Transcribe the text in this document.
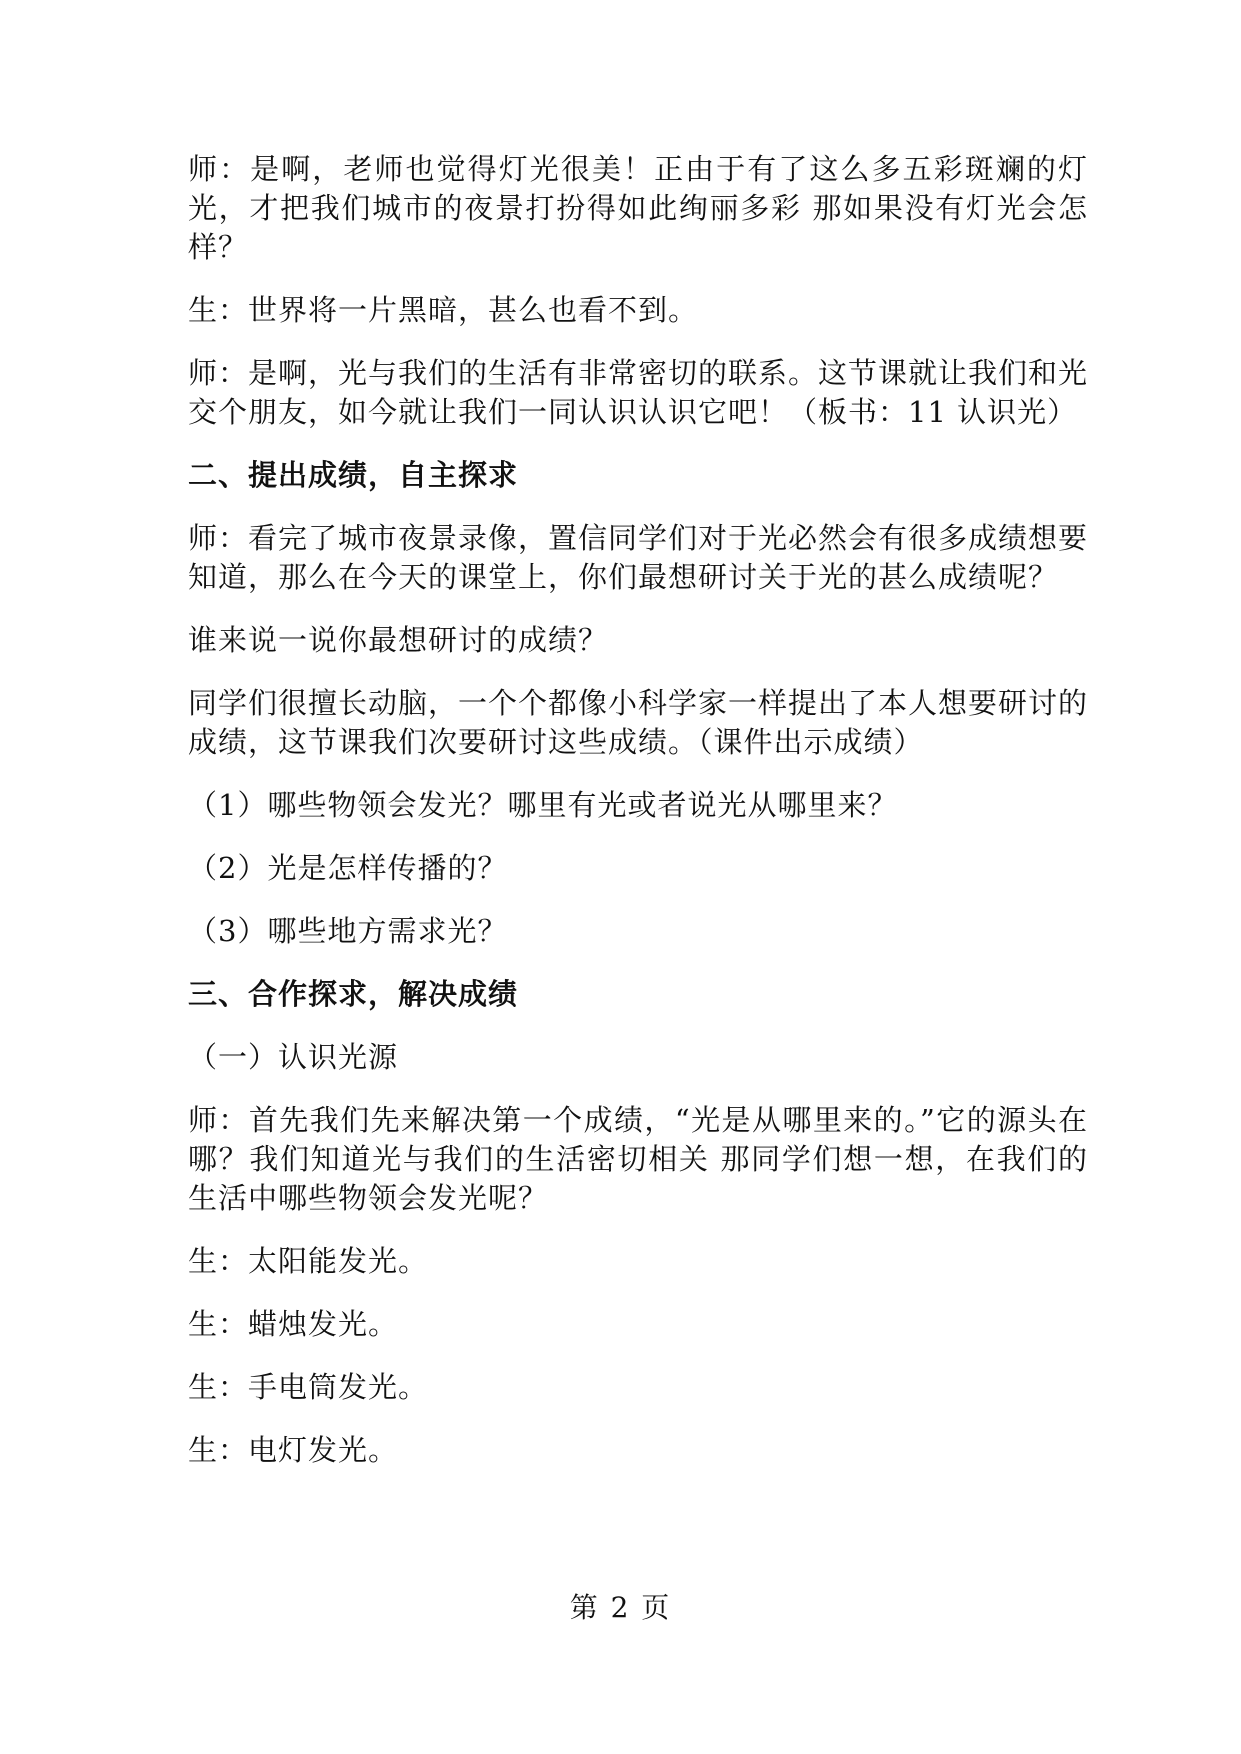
师：是啊，老师也觉得灯光很美！正由于有了这么多五彩斑斓的灯光，才把我们城市的夜景打扮得如此绚丽多彩 那如果没有灯光会怎样？

生：世界将一片黑暗，甚么也看不到。

师：是啊，光与我们的生活有非常密切的联系。这节课就让我们和光交个朋友，如今就让我们一同认识认识它吧！（板书：11 认识光）

二、提出成绩，自主探求

师：看完了城市夜景录像，置信同学们对于光必然会有很多成绩想要知道，那么在今天的课堂上，你们最想研讨关于光的甚么成绩呢？

谁来说一说你最想研讨的成绩？

同学们很擅长动脑，一个个都像小科学家一样提出了本人想要研讨的成绩，这节课我们次要研讨这些成绩。（课件出示成绩）

（1）哪些物领会发光？哪里有光或者说光从哪里来？

（2）光是怎样传播的？

（3）哪些地方需求光？

三、合作探求，解决成绩

（一）认识光源

师：首先我们先来解决第一个成绩，“光是从哪里来的。”它的源头在哪？我们知道光与我们的生活密切相关 那同学们想一想，在我们的生活中哪些物领会发光呢？

生：太阳能发光。

生：蜡烛发光。

生：手电筒发光。

生：电灯发光。

第 2 页
